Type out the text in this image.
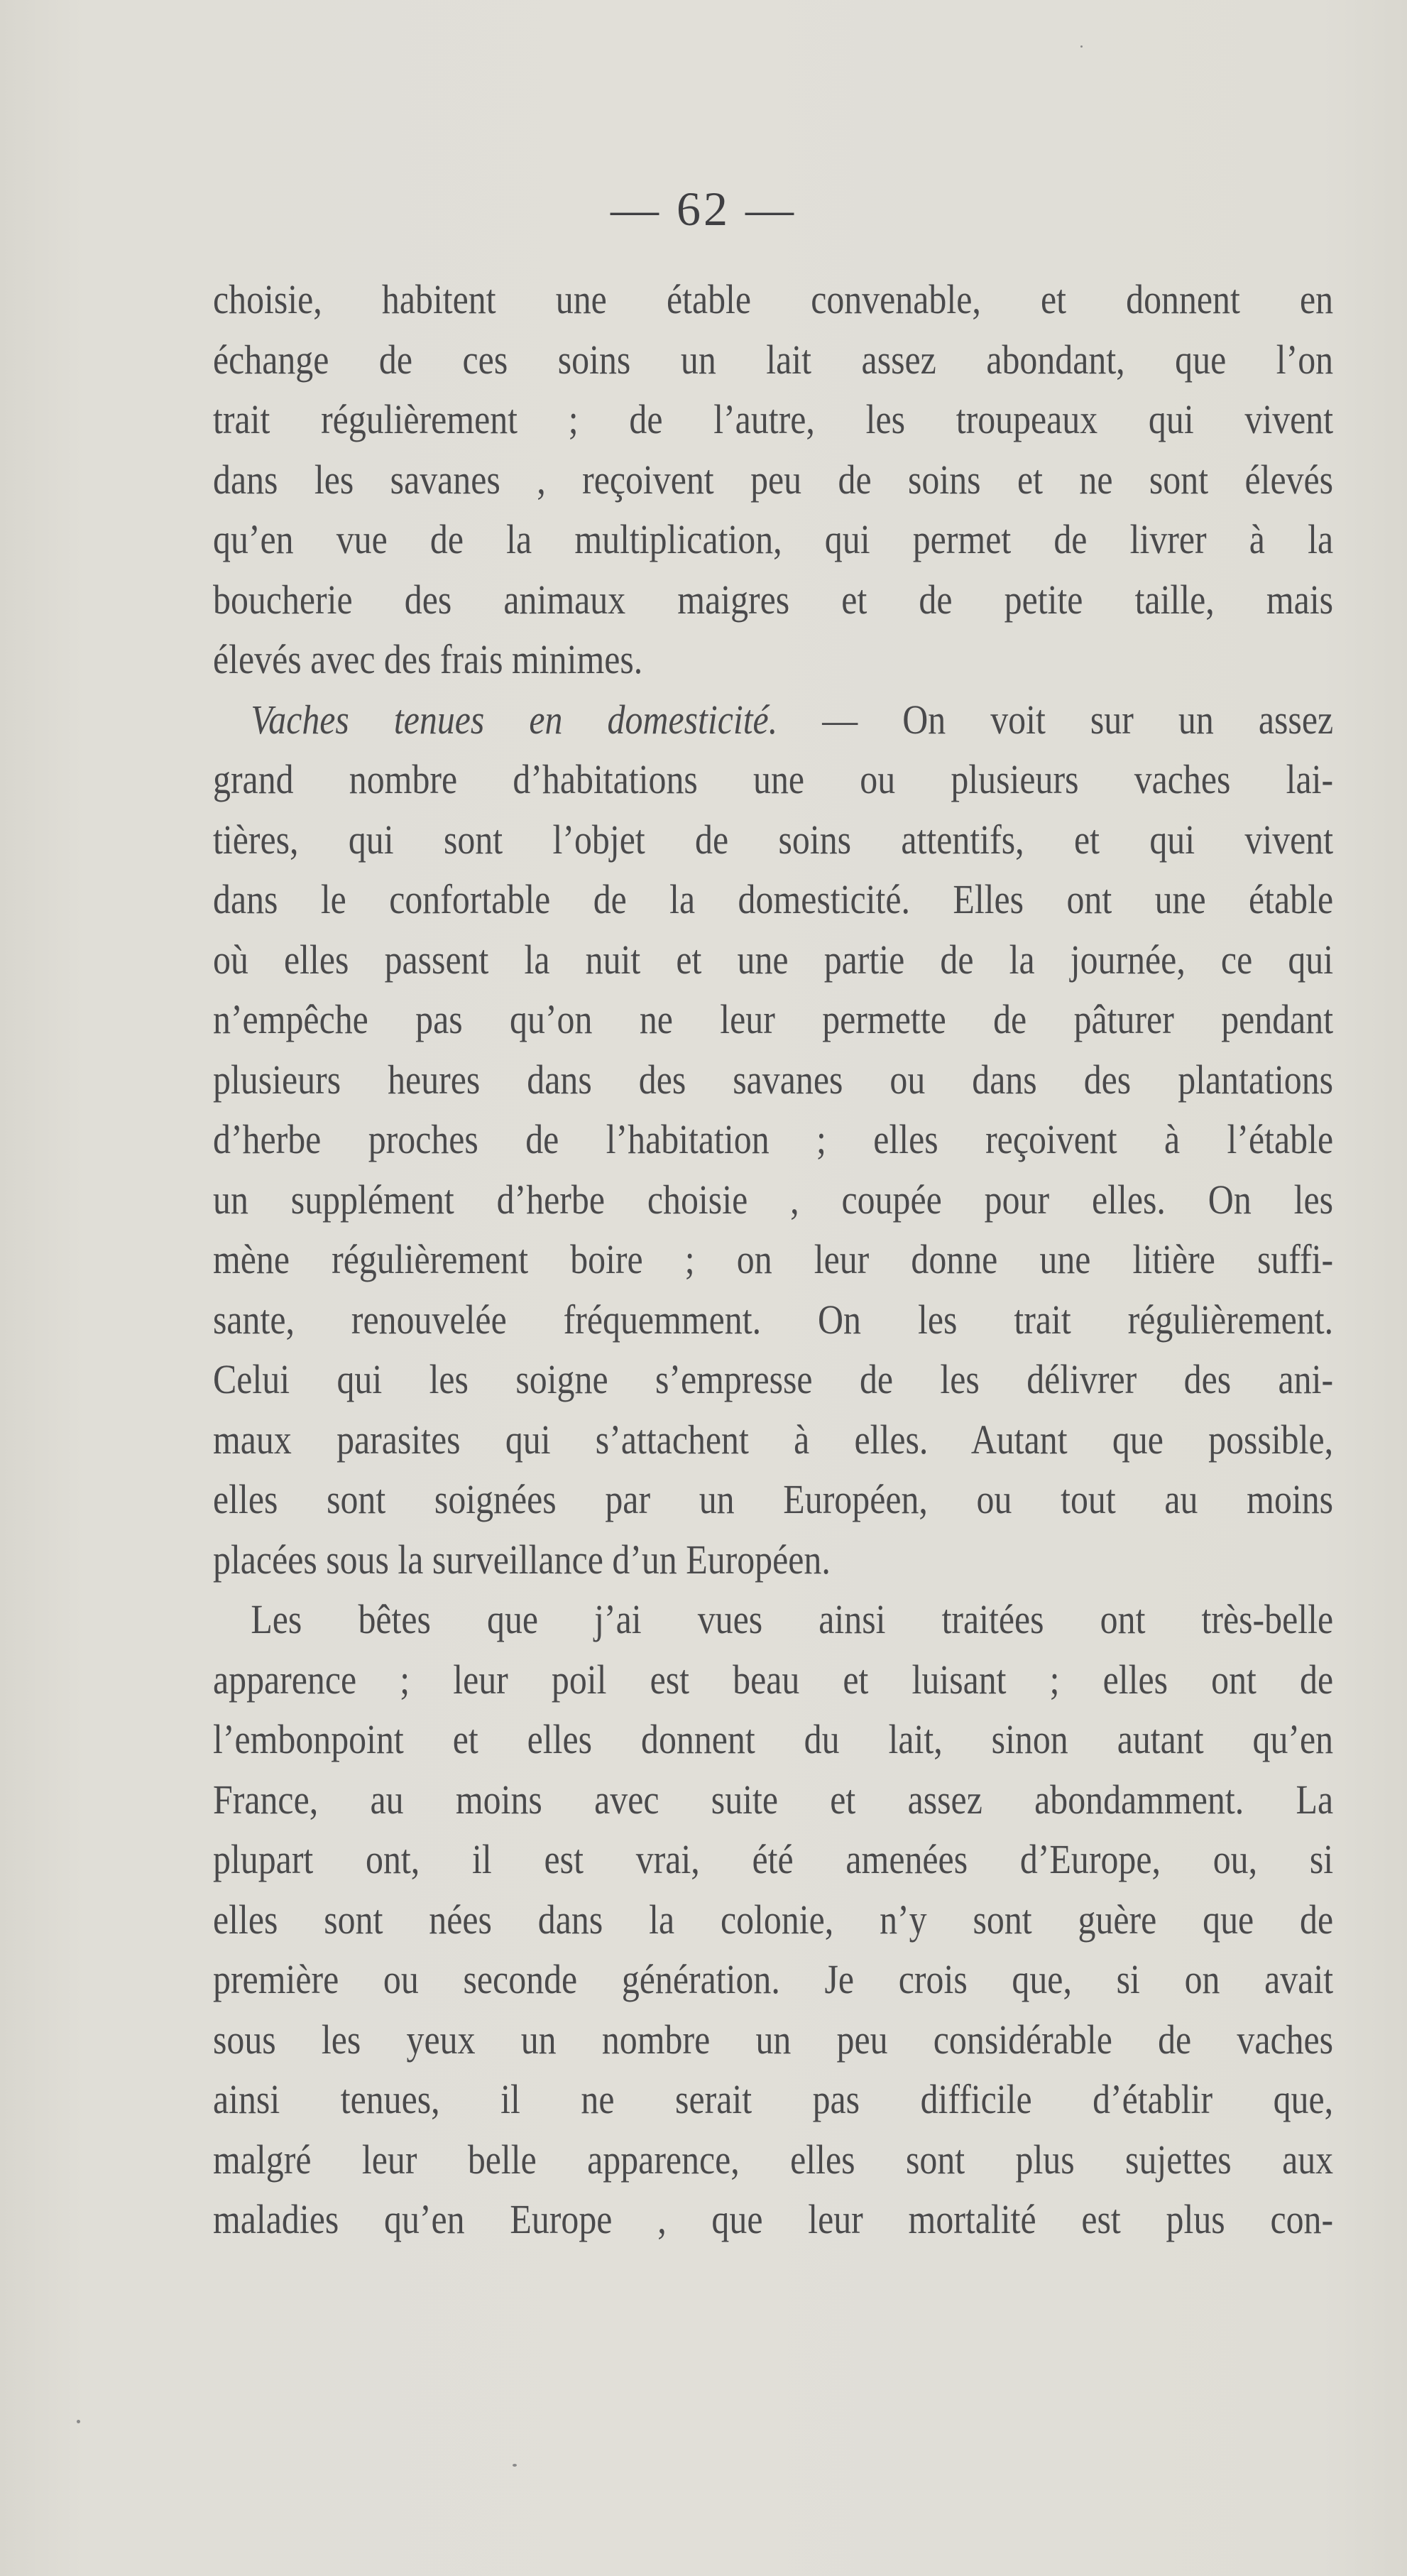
— 62 —
choisie, habitent une étable convenable, et donnent en
échange de ces soins un lait assez abondant, que l’on
trait régulièrement ; de l’autre, les troupeaux qui vivent
dans les savanes , reçoivent peu de soins et ne sont élevés
qu’en vue de la multiplication, qui permet de livrer à la
boucherie des animaux maigres et de petite taille, mais
élevés avec des frais minimes.
Vaches tenues en domesticité. — On voit sur un assez
grand nombre d’habitations une ou plusieurs vaches lai-
tières, qui sont l’objet de soins attentifs, et qui vivent
dans le confortable de la domesticité. Elles ont une étable
où elles passent la nuit et une partie de la journée, ce qui
n’empêche pas qu’on ne leur permette de pâturer pendant
plusieurs heures dans des savanes ou dans des plantations
d’herbe proches de l’habitation ; elles reçoivent à l’étable
un supplément d’herbe choisie , coupée pour elles. On les
mène régulièrement boire ; on leur donne une litière suffi-
sante, renouvelée fréquemment. On les trait régulièrement.
Celui qui les soigne s’empresse de les délivrer des ani-
maux parasites qui s’attachent à elles. Autant que possible,
elles sont soignées par un Européen, ou tout au moins
placées sous la surveillance d’un Européen.
Les bêtes que j’ai vues ainsi traitées ont très-belle
apparence ; leur poil est beau et luisant ; elles ont de
l’embonpoint et elles donnent du lait, sinon autant qu’en
France, au moins avec suite et assez abondamment. La
plupart ont, il est vrai, été amenées d’Europe, ou, si
elles sont nées dans la colonie, n’y sont guère que de
première ou seconde génération. Je crois que, si on avait
sous les yeux un nombre un peu considérable de vaches
ainsi tenues, il ne serait pas difficile d’établir que,
malgré leur belle apparence, elles sont plus sujettes aux
maladies qu’en Europe , que leur mortalité est plus con-
